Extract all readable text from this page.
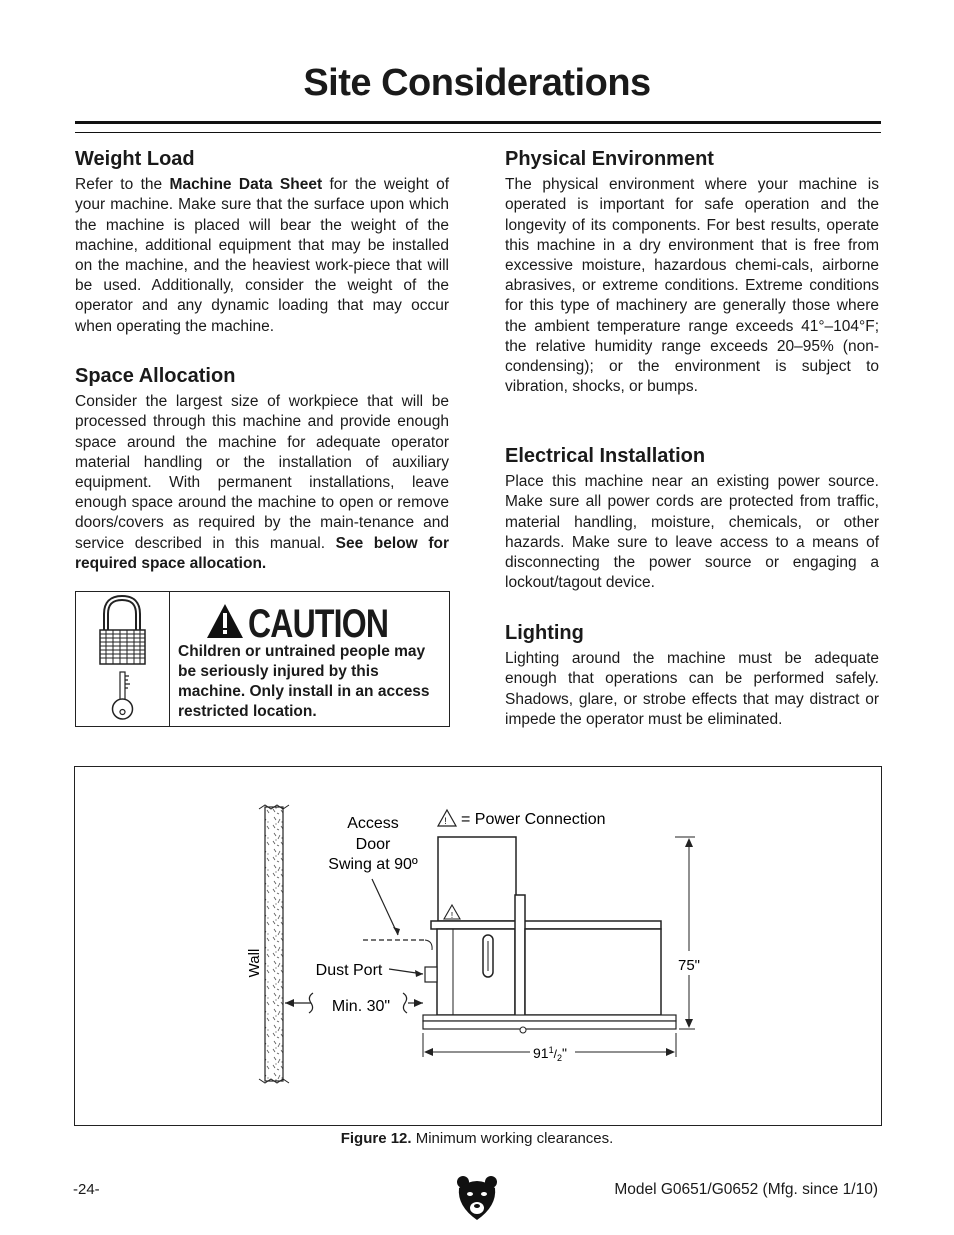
Site Considerations
Weight Load

Refer to the Machine Data Sheet for the weight of your machine. Make sure that the surface upon which the machine is placed will bear the weight of the machine, additional equipment that may be installed on the machine, and the heaviest work-piece that will be used. Additionally, consider the weight of the operator and any dynamic loading that may occur when operating the machine.

Space Allocation

Consider the largest size of workpiece that will be processed through this machine and provide enough space around the machine for adequate operator material handling or the installation of auxiliary equipment. With permanent installations, leave enough space around the machine to open or remove doors/covers as required by the main-tenance and service described in this manual. See below for required space allocation.

CAUTION
Children or untrained people may be seriously injured by this machine. Only install in an access restricted location.
Physical Environment

The physical environment where your machine is operated is important for safe operation and the longevity of its components. For best results, operate this machine in a dry environment that is free from excessive moisture, hazardous chemi-cals, airborne abrasives, or extreme conditions. Extreme conditions for this type of machinery are generally those where the ambient temperature range exceeds 41°–104°F; the relative humidity range exceeds 20–95% (non-condensing); or the environment is subject to vibration, shocks, or bumps.

Electrical Installation

Place this machine near an existing power source. Make sure all power cords are protected from traffic, material handling, moisture, chemicals, or other hazards. Make sure to leave access to a means of disconnecting the power source or engaging a lockout/tagout device.

Lighting

Lighting around the machine must be adequate enough that operations can be performed safely. Shadows, glare, or strobe effects that may distract or impede the operator must be eliminated.

Wall
! = Power Connection
Access
Door
Swing at 90º
!
Dust Port
Min. 30"
75"
$91^1/_2$"
Figure 12. Minimum working clearances.
-24-	Model G0651/G0652 (Mfg. since 1/10)
